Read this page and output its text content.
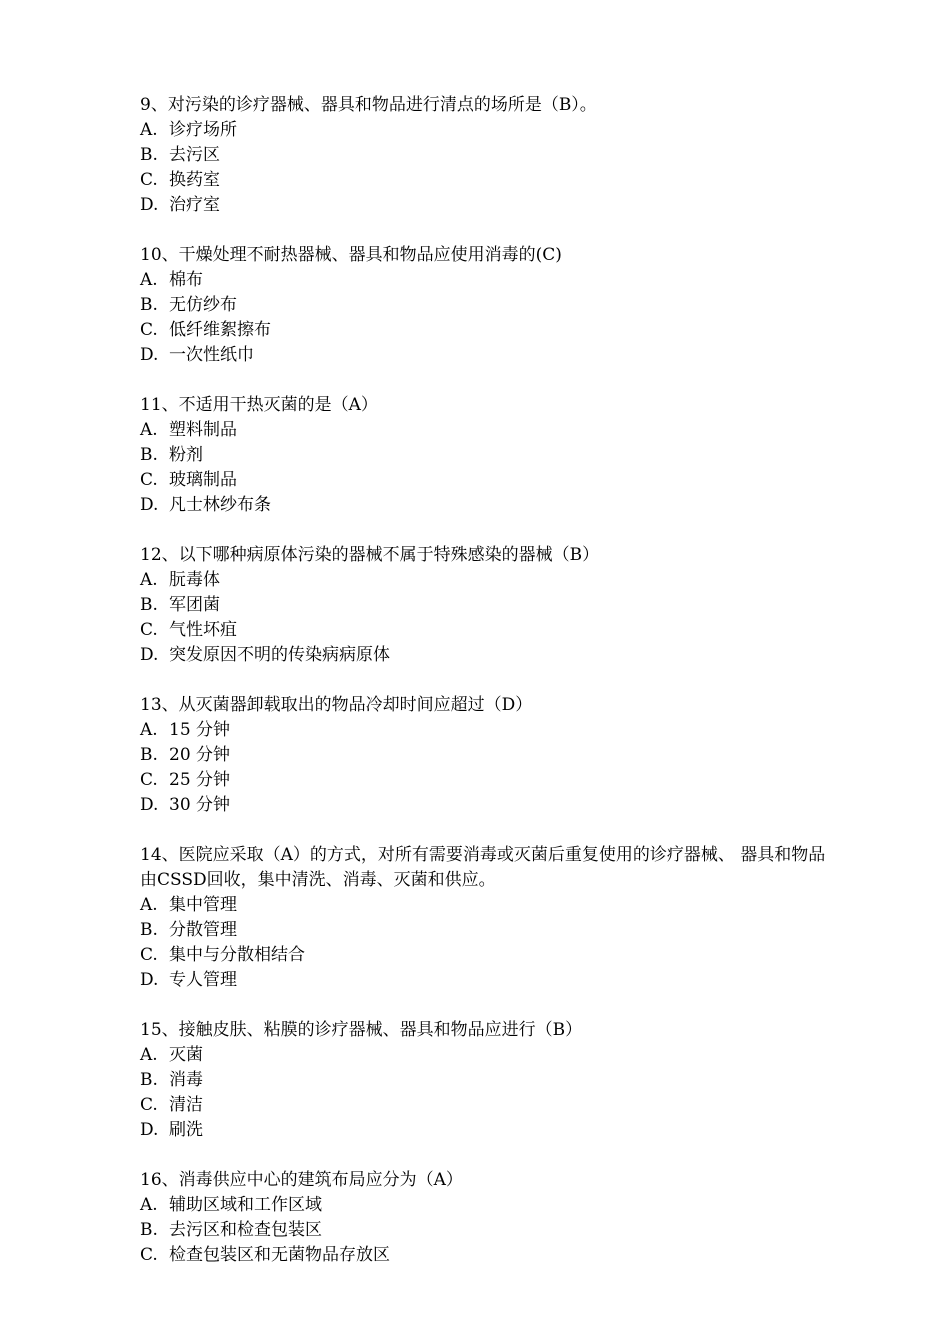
9、对污染的诊疗器械、器具和物品进行清点的场所是（B）。
A. 诊疗场所
B. 去污区
C. 换药室
D. 治疗室
10、干燥处理不耐热器械、器具和物品应使用消毒的(C)
A. 棉布
B. 无仿纱布
C. 低纤维絮擦布
D. 一次性纸巾
11、不适用干热灭菌的是（A）
A. 塑料制品
B. 粉剂
C. 玻璃制品
D. 凡士林纱布条
12、以下哪种病原体污染的器械不属于特殊感染的器械（B）
A. 朊毒体
B. 军团菌
C. 气性坏疽
D. 突发原因不明的传染病病原体
13、从灭菌器卸载取出的物品冷却时间应超过（D）
A. 15 分钟
B. 20 分钟
C. 25 分钟
D. 30 分钟
14、医院应采取（A）的方式，对所有需要消毒或灭菌后重复使用的诊疗器械、 器具和物品由CSSD回收，集中清洗、消毒、灭菌和供应。
A. 集中管理
B. 分散管理
C. 集中与分散相结合
D. 专人管理
15、接触皮肤、粘膜的诊疗器械、器具和物品应进行（B）
A. 灭菌
B. 消毒
C. 清洁
D. 刷洗
16、消毒供应中心的建筑布局应分为（A）
A. 辅助区域和工作区域
B. 去污区和检查包装区
C. 检查包装区和无菌物品存放区
